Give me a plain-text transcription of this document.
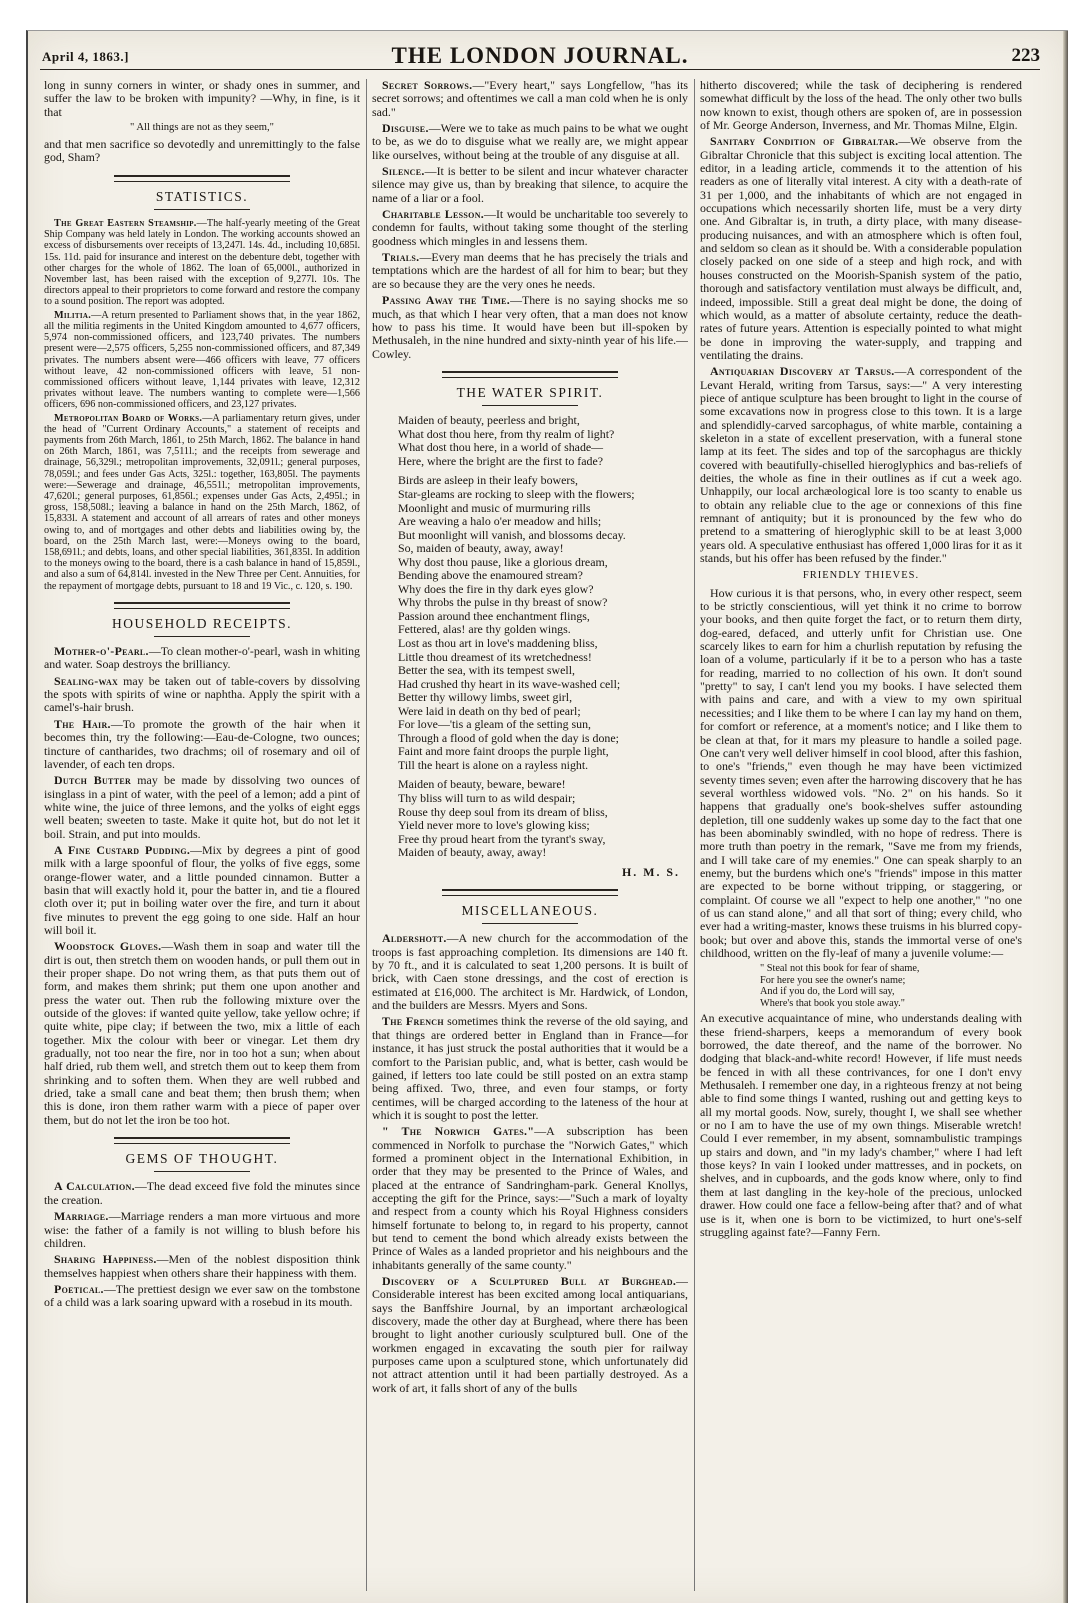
April 4, 1863.]	THE LONDON JOURNAL.	223

long in sunny corners in winter, or shady ones in summer, and suffer the law to be broken with impunity? —Why, in fine, is it that

" All things are not as they seem,"

and that men sacrifice so devotedly and unremittingly to the false god, Sham?

STATISTICS.

The Great Eastern Steamship.—The half-yearly meeting of the Great Ship Company was held lately in London. The working accounts showed an excess of disbursements over receipts of 13,247l. 14s. 4d., including 10,685l. 15s. 11d. paid for insurance and interest on the debenture debt, together with other charges for the whole of 1862. The loan of 65,000l., authorized in November last, has been raised with the exception of 9,277l. 10s. The directors appeal to their proprietors to come forward and restore the company to a sound position. The report was adopted.

Militia.—A return presented to Parliament shows that, in the year 1862, all the militia regiments in the United Kingdom amounted to 4,677 officers, 5,974 non-commissioned officers, and 123,740 privates. The numbers present were—2,575 officers, 5,255 non-commissioned officers, and 87,349 privates. The numbers absent were—466 officers with leave, 77 officers without leave, 42 non-commissioned officers with leave, 51 non-commissioned officers without leave, 1,144 privates with leave, 12,312 privates without leave. The numbers wanting to complete were—1,566 officers, 696 non-commissioned officers, and 23,127 privates.

Metropolitan Board of Works.—A parliamentary return gives, under the head of "Current Ordinary Accounts," a statement of receipts and payments from 26th March, 1861, to 25th March, 1862. The balance in hand on 26th March, 1861, was 7,511l.; and the receipts from sewerage and drainage, 56,329l.; metropolitan improvements, 32,091l.; general purposes, 78,059l.; and fees under Gas Acts, 325l.: together, 163,805l. The payments were:—Sewerage and drainage, 46,551l.; metropolitan improvements, 47,620l.; general purposes, 61,856l.; expenses under Gas Acts, 2,495l.; in gross, 158,508l.; leaving a balance in hand on the 25th March, 1862, of 15,833l. A statement and account of all arrears of rates and other moneys owing to, and of mortgages and other debts and liabilities owing by, the board, on the 25th March last, were:—Moneys owing to the board, 158,691l.; and debts, loans, and other special liabilities, 361,835l. In addition to the moneys owing to the board, there is a cash balance in hand of 15,859l., and also a sum of 64,814l. invested in the New Three per Cent. Annuities, for the repayment of mortgage debts, pursuant to 18 and 19 Vic., c. 120, s. 190.

HOUSEHOLD RECEIPTS.

Mother-o'-Pearl.—To clean mother-o'-pearl, wash in whiting and water. Soap destroys the brilliancy.

Sealing-wax may be taken out of table-covers by dissolving the spots with spirits of wine or naphtha. Apply the spirit with a camel's-hair brush.

The Hair.—To promote the growth of the hair when it becomes thin, try the following:—Eau-de-Cologne, two ounces; tincture of cantharides, two drachms; oil of rosemary and oil of lavender, of each ten drops.

Dutch Butter may be made by dissolving two ounces of isinglass in a pint of water, with the peel of a lemon; add a pint of white wine, the juice of three lemons, and the yolks of eight eggs well beaten; sweeten to taste. Make it quite hot, but do not let it boil. Strain, and put into moulds.

A Fine Custard Pudding.—Mix by degrees a pint of good milk with a large spoonful of flour, the yolks of five eggs, some orange-flower water, and a little pounded cinnamon. Butter a basin that will exactly hold it, pour the batter in, and tie a floured cloth over it; put in boiling water over the fire, and turn it about five minutes to prevent the egg going to one side. Half an hour will boil it.

Woodstock Gloves.—Wash them in soap and water till the dirt is out, then stretch them on wooden hands, or pull them out in their proper shape. Do not wring them, as that puts them out of form, and makes them shrink; put them one upon another and press the water out. Then rub the following mixture over the outside of the gloves: if wanted quite yellow, take yellow ochre; if quite white, pipe clay; if between the two, mix a little of each together. Mix the colour with beer or vinegar. Let them dry gradually, not too near the fire, nor in too hot a sun; when about half dried, rub them well, and stretch them out to keep them from shrinking and to soften them. When they are well rubbed and dried, take a small cane and beat them; then brush them; when this is done, iron them rather warm with a piece of paper over them, but do not let the iron be too hot.

GEMS OF THOUGHT.

A Calculation.—The dead exceed five fold the minutes since the creation.

Marriage.—Marriage renders a man more virtuous and more wise: the father of a family is not willing to blush before his children.

Sharing Happiness.—Men of the noblest disposition think themselves happiest when others share their happiness with them.

Poetical.—The prettiest design we ever saw on the tombstone of a child was a lark soaring upward with a rosebud in its mouth.

Secret Sorrows.—"Every heart," says Longfellow, "has its secret sorrows; and oftentimes we call a man cold when he is only sad."

Disguise.—Were we to take as much pains to be what we ought to be, as we do to disguise what we really are, we might appear like ourselves, without being at the trouble of any disguise at all.

Silence.—It is better to be silent and incur whatever character silence may give us, than by breaking that silence, to acquire the name of a liar or a fool.

Charitable Lesson.—It would be uncharitable too severely to condemn for faults, without taking some thought of the sterling goodness which mingles in and lessens them.

Trials.—Every man deems that he has precisely the trials and temptations which are the hardest of all for him to bear; but they are so because they are the very ones he needs.

Passing Away the Time.—There is no saying shocks me so much, as that which I hear very often, that a man does not know how to pass his time. It would have been but ill-spoken by Methusaleh, in the nine hundred and sixty-ninth year of his life.—Cowley.

THE WATER SPIRIT.
Maiden of beauty, peerless and bright,
What dost thou here, from thy realm of light?
What dost thou here, in a world of shade—
Here, where the bright are the first to fade?
Birds are asleep in their leafy bowers,
Star-gleams are rocking to sleep with the flowers;
Moonlight and music of murmuring rills
Are weaving a halo o'er meadow and hills;
But moonlight will vanish, and blossoms decay.
So, maiden of beauty, away, away!
Why dost thou pause, like a glorious dream,
Bending above the enamoured stream?
Why does the fire in thy dark eyes glow?
Why throbs the pulse in thy breast of snow?
Passion around thee enchantment flings,
Fettered, alas! are thy golden wings.
Lost as thou art in love's maddening bliss,
Little thou dreamest of its wretchedness!
Better the sea, with its tempest swell,
Had crushed thy heart in its wave-washed cell;
Better thy willowy limbs, sweet girl,
Were laid in death on thy bed of pearl;
For love—'tis a gleam of the setting sun,
Through a flood of gold when the day is done;
Faint and more faint droops the purple light,
Till the heart is alone on a rayless night.
Maiden of beauty, beware, beware!
Thy bliss will turn to as wild despair;
Rouse thy deep soul from its dream of bliss,
Yield never more to love's glowing kiss;
Free thy proud heart from the tyrant's sway,
Maiden of beauty, away, away!
H. M. S.
MISCELLANEOUS.

Aldershott.—A new church for the accommodation of the troops is fast approaching completion. Its dimensions are 140 ft. by 70 ft., and it is calculated to seat 1,200 persons. It is built of brick, with Caen stone dressings, and the cost of erection is estimated at £16,000. The architect is Mr. Hardwick, of London, and the builders are Messrs. Myers and Sons.

The French sometimes think the reverse of the old saying, and that things are ordered better in England than in France—for instance, it has just struck the postal authorities that it would be a comfort to the Parisian public, and, what is better, cash would be gained, if letters too late could be still posted on an extra stamp being affixed. Two, three, and even four stamps, or forty centimes, will be charged according to the lateness of the hour at which it is sought to post the letter.

" The Norwich Gates."—A subscription has been commenced in Norfolk to purchase the "Norwich Gates," which formed a prominent object in the International Exhibition, in order that they may be presented to the Prince of Wales, and placed at the entrance of Sandringham-park. General Knollys, accepting the gift for the Prince, says:—"Such a mark of loyalty and respect from a county which his Royal Highness considers himself fortunate to belong to, in regard to his property, cannot but tend to cement the bond which already exists between the Prince of Wales as a landed proprietor and his neighbours and the inhabitants generally of the same county."

Discovery of a Sculptured Bull at Burghead.—Considerable interest has been excited among local antiquarians, says the Banffshire Journal, by an important archæological discovery, made the other day at Burghead, where there has been brought to light another curiously sculptured bull. One of the workmen engaged in excavating the south pier for railway purposes came upon a sculptured stone, which unfortunately did not attract attention until it had been partially destroyed. As a work of art, it falls short of any of the bulls

hitherto discovered; while the task of deciphering is rendered somewhat difficult by the loss of the head. The only other two bulls now known to exist, though others are spoken of, are in possession of Mr. George Anderson, Inverness, and Mr. Thomas Milne, Elgin.

Sanitary Condition of Gibraltar.—We observe from the Gibraltar Chronicle that this subject is exciting local attention. The editor, in a leading article, commends it to the attention of his readers as one of literally vital interest. A city with a death-rate of 31 per 1,000, and the inhabitants of which are not engaged in occupations which necessarily shorten life, must be a very dirty one. And Gibraltar is, in truth, a dirty place, with many disease-producing nuisances, and with an atmosphere which is often foul, and seldom so clean as it should be. With a considerable population closely packed on one side of a steep and high rock, and with houses constructed on the Moorish-Spanish system of the patio, thorough and satisfactory ventilation must always be difficult, and, indeed, impossible. Still a great deal might be done, the doing of which would, as a matter of absolute certainty, reduce the death-rates of future years. Attention is especially pointed to what might be done in improving the water-supply, and trapping and ventilating the drains.

Antiquarian Discovery at Tarsus.—A correspondent of the Levant Herald, writing from Tarsus, says:—" A very interesting piece of antique sculpture has been brought to light in the course of some excavations now in progress close to this town. It is a large and splendidly-carved sarcophagus, of white marble, containing a skeleton in a state of excellent preservation, with a funeral stone lamp at its feet. The sides and top of the sarcophagus are thickly covered with beautifully-chiselled hieroglyphics and bas-reliefs of deities, the whole as fine in their outlines as if cut a week ago. Unhappily, our local archæological lore is too scanty to enable us to obtain any reliable clue to the age or connexions of this fine remnant of antiquity; but it is pronounced by the few who do pretend to a smattering of hieroglyphic skill to be at least 3,000 years old. A speculative enthusiast has offered 1,000 liras for it as it stands, but his offer has been refused by the finder."

FRIENDLY THIEVES.

How curious it is that persons, who, in every other respect, seem to be strictly conscientious, will yet think it no crime to borrow your books, and then quite forget the fact, or to return them dirty, dog-eared, defaced, and utterly unfit for Christian use. One scarcely likes to earn for him a churlish reputation by refusing the loan of a volume, particularly if it be to a person who has a taste for reading, married to no collection of his own. It don't sound "pretty" to say, I can't lend you my books. I have selected them with pains and care, and with a view to my own spiritual necessities; and I like them to be where I can lay my hand on them, for comfort or reference, at a moment's notice; and I like them to be clean at that, for it mars my pleasure to handle a soiled page. One can't very well deliver himself in cool blood, after this fashion, to one's "friends," even though he may have been victimized seventy times seven; even after the harrowing discovery that he has several worthless widowed vols. "No. 2" on his hands. So it happens that gradually one's book-shelves suffer astounding depletion, till one suddenly wakes up some day to the fact that one has been abominably swindled, with no hope of redress. There is more truth than poetry in the remark, "Save me from my friends, and I will take care of my enemies." One can speak sharply to an enemy, but the burdens which one's "friends" impose in this matter are expected to be borne without tripping, or staggering, or complaint. Of course we all "expect to help one another," "no one of us can stand alone," and all that sort of thing; every child, who ever had a writing-master, knows these truisms in his blurred copy-book; but over and above this, stands the immortal verse of one's childhood, written on the fly-leaf of many a juvenile volume:—

" Steal not this book for fear of shame,
For here you see the owner's name;
And if you do, the Lord will say,
Where's that book you stole away."

An executive acquaintance of mine, who understands dealing with these friend-sharpers, keeps a memorandum of every book borrowed, the date thereof, and the name of the borrower. No dodging that black-and-white record! However, if life must needs be fenced in with all these contrivances, for one I don't envy Methusaleh. I remember one day, in a righteous frenzy at not being able to find some things I wanted, rushing out and getting keys to all my mortal goods. Now, surely, thought I, we shall see whether or no I am to have the use of my own things. Miserable wretch! Could I ever remember, in my absent, somnambulistic trampings up stairs and down, and "in my lady's chamber," where I had left those keys? In vain I looked under mattresses, and in pockets, on shelves, and in cupboards, and the gods know where, only to find them at last dangling in the key-hole of the precious, unlocked drawer. How could one face a fellow-being after that? and of what use is it, when one is born to be victimized, to hurt one's-self struggling against fate?—Fanny Fern.
